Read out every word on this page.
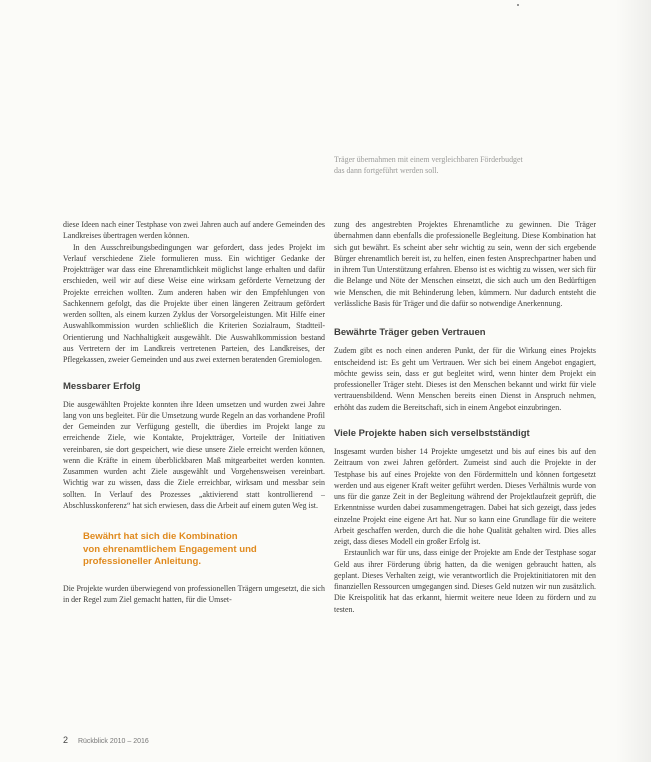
Träger übernahmen mit einem vergleichbaren Förderbudget

das dann fortgeführt werden soll.

diese Ideen nach einer Testphase von zwei Jahren auch auf andere Gemeinden des Landkreises übertragen werden können.

In den Ausschreibungsbedingungen war gefordert, dass jedes Projekt im Verlauf verschiedene Ziele formulieren muss. Ein wichtiger Gedanke der Projektträger war dass eine Ehrenamtlichkeit möglichst lange erhalten und dafür erschieden, weil wir auf diese Weise eine wirksam geförderte Vernetzung der Projekte erreichen wollten. Zum anderen haben wir den Empfehlungen von Sachkennern gefolgt, das die Projekte über einen längeren Zeitraum gefördert werden sollten, als einem kurzen Zyklus der Vorsorgeleistungen. Mit Hilfe einer Auswahlkommission wurden schließlich die Kriterien Sozialraum, Stadtteil-Orientierung und Nachhaltigkeit ausgewählt. Die Auswahlkommission bestand aus Vertretern der im Landkreis vertretenen Parteien, des Landkreises, der Pflegekassen, zweier Gemeinden und aus zwei externen beratenden Gremiologen.

Messbarer Erfolg

Die ausgewählten Projekte konnten ihre Ideen umsetzen und wurden zwei Jahre lang von uns begleitet. Für die Umsetzung wurde Regeln an das vorhandene Profil der Gemeinden zur Verfügung gestellt, die überdies im Projekt lange zu erreichende Ziele, wie Kontakte, Projektträger, Vorteile der Initiativen vereinbaren, sie dort gespeichert, wie diese unsere Ziele erreicht werden können, wenn die Kräfte in einem überblickbaren Maß mitgearbeitet werden konnten. Zusammen wurden acht Ziele ausgewählt und Vorgehensweisen vereinbart. Wichtig war zu wissen, dass die Ziele erreichbar, wirksam und messbar sein sollten. In Verlauf des Prozesses „aktivierend statt kontrollierend – Abschlusskonferenz“ hat sich erwiesen, dass die Arbeit auf einem guten Weg ist.

Bewährt hat sich die Kombination
von ehrenamtlichem Engagement und
professioneller Anleitung.

Die Projekte wurden überwiegend von professionellen Trägern umgesetzt, die sich in der Regel zum Ziel gemacht hatten, für die Umset-

zung des angestrebten Projektes Ehrenamtliche zu gewinnen. Die Träger übernahmen dann ebenfalls die professionelle Begleitung. Diese Kombination hat sich gut bewährt. Es scheint aber sehr wichtig zu sein, wenn der sich ergebende Bürger ehrenamtlich bereit ist, zu helfen, einen festen Ansprechpartner haben und in ihrem Tun Unterstützung erfahren. Ebenso ist es wichtig zu wissen, wer sich für die Belange und Nöte der Menschen einsetzt, die sich auch um den Bedürftigen wie Menschen, die mit Behinderung leben, kümmern. Nur dadurch entsteht die verlässliche Basis für Träger und die dafür so notwendige Anerkennung.

Bewährte Träger geben Vertrauen

Zudem gibt es noch einen anderen Punkt, der für die Wirkung eines Projekts entscheidend ist: Es geht um Vertrauen. Wer sich bei einem Angebot engagiert, möchte gewiss sein, dass er gut begleitet wird, wenn hinter dem Projekt ein professioneller Träger steht. Dieses ist den Menschen bekannt und wirkt für viele vertrauensbildend. Wenn Menschen bereits einen Dienst in Anspruch nehmen, erhöht das zudem die Bereitschaft, sich in einem Angebot einzubringen.

Viele Projekte haben sich verselbstständigt

Insgesamt wurden bisher 14 Projekte umgesetzt und bis auf eines bis auf den Zeitraum von zwei Jahren gefördert. Zumeist sind auch die Projekte in der Testphase bis auf eines Projekte von den Fördermitteln und können fortgesetzt werden und aus eigener Kraft weiter geführt werden. Dieses Verhältnis wurde von uns für die ganze Zeit in der Begleitung während der Projektlaufzeit geprüft, die Erkenntnisse wurden dabei zusammengetragen. Dabei hat sich gezeigt, dass jedes einzelne Projekt eine eigene Art hat. Nur so kann eine Grundlage für die weitere Arbeit geschaffen werden, durch die die hohe Qualität gehalten wird. Dies alles zeigt, dass dieses Modell ein großer Erfolg ist.

Erstaunlich war für uns, dass einige der Projekte am Ende der Testphase sogar Geld aus ihrer Förderung übrig hatten, da die wenigen gebraucht hatten, als geplant. Dieses Verhalten zeigt, wie verantwortlich die Projektinitiatoren mit den finanziellen Ressourcen umgegangen sind. Dieses Geld nutzen wir nun zusätzlich. Die Kreispolitik hat das erkannt, hiermit weitere neue Ideen zu fördern und zu testen.

2 Rückblick 2010 – 2016
